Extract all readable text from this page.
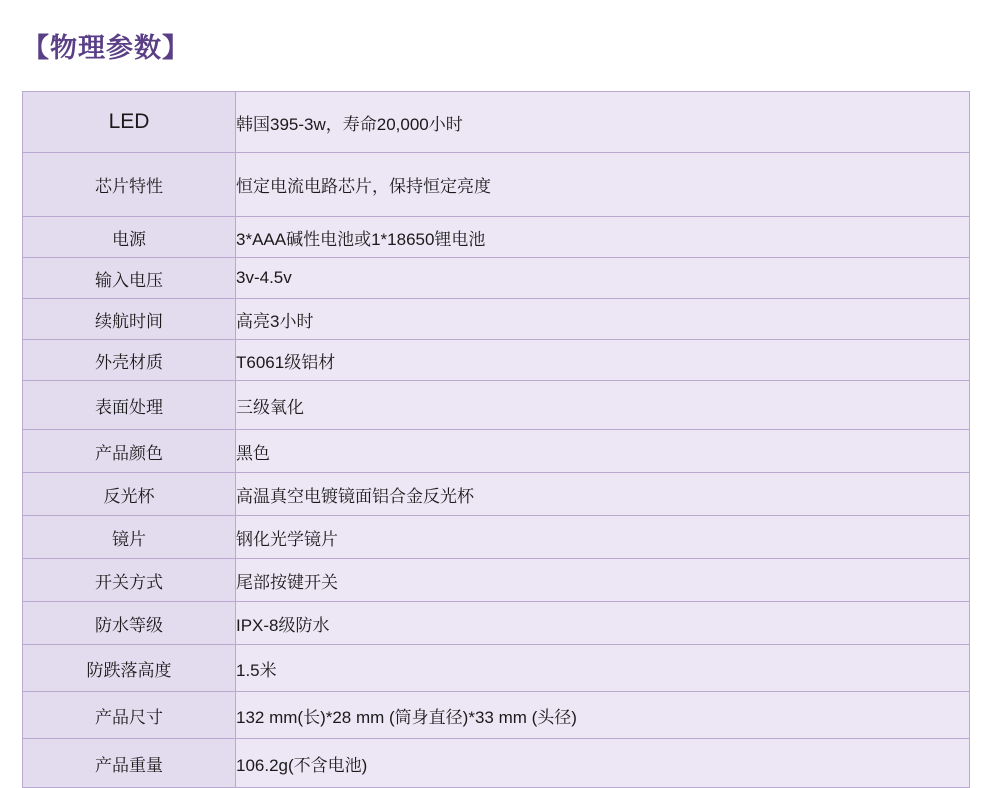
【物理参数】
LED	韩国395-3w，寿命20,000小时
芯片特性	恒定电流电路芯片，保持恒定亮度
电源	3*AAA碱性电池或1*18650锂电池
输入电压	3v-4.5v
续航时间	高亮3小时
外壳材质	T6061级铝材
表面处理	三级氧化
产品颜色	黑色
反光杯	高温真空电镀镜面铝合金反光杯
镜片	钢化光学镜片
开关方式	尾部按键开关
防水等级	IPX-8级防水
防跌落高度	1.5米
产品尺寸	132 mm(长)*28 mm (筒身直径)*33 mm (头径)
产品重量	106.2g(不含电池)
